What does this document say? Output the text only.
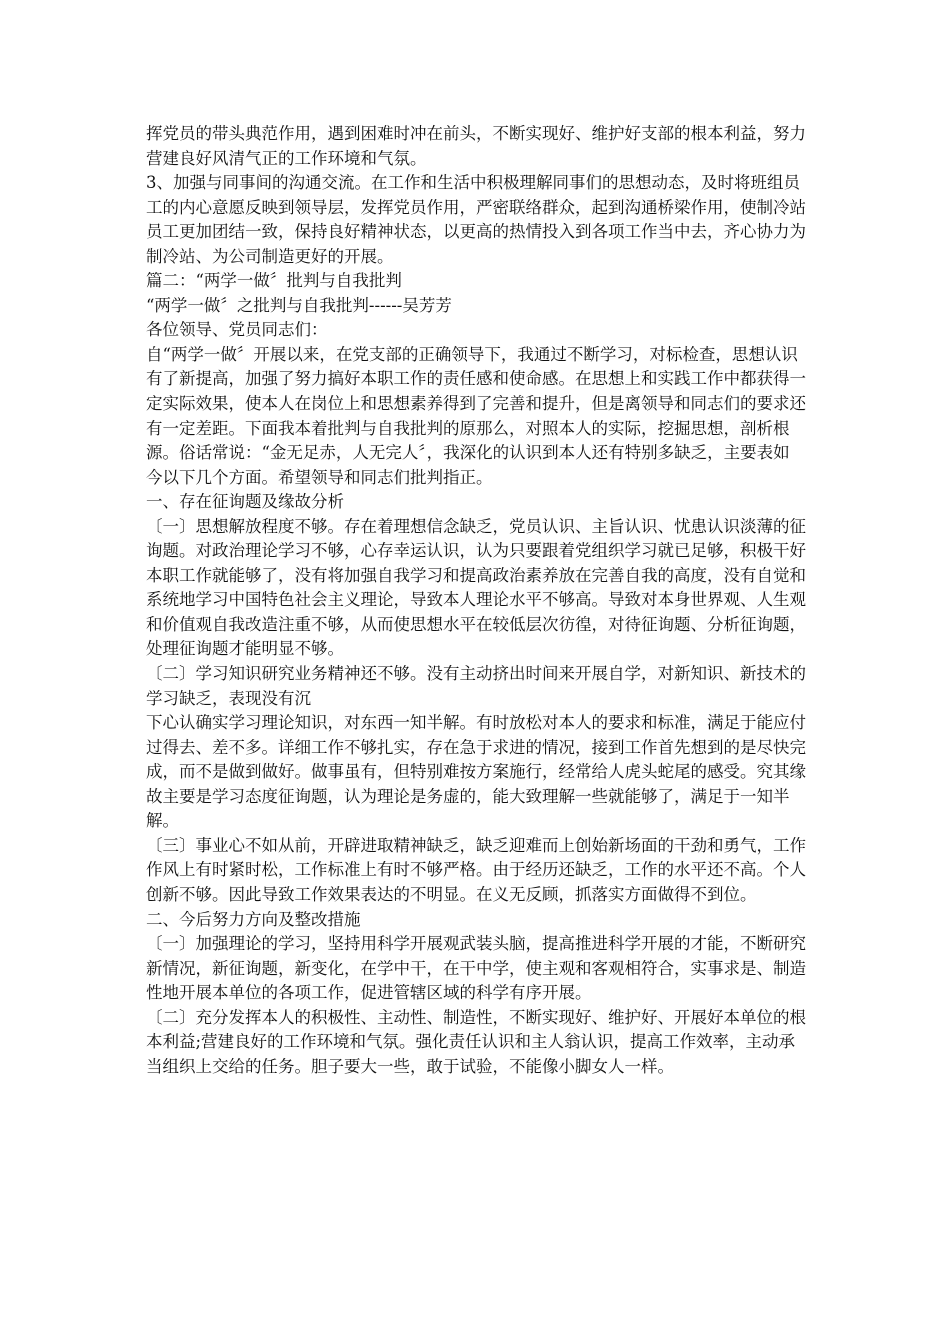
挥党员的带头典范作用，遇到困难时冲在前头，不断实现好、维护好支部的根本利益，努力营建良好风清气正的工作环境和气氛。

3、加强与同事间的沟通交流。在工作和生活中积极理解同事们的思想动态，及时将班组员工的内心意愿反映到领导层，发挥党员作用，严密联络群众，起到沟通桥梁作用，使制冷站员工更加团结一致，保持良好精神状态，以更高的热情投入到各项工作当中去，齐心协力为制冷站、为公司制造更好的开展。

篇二：“两学一做〞批判与自我批判

“两学一做〞之批判与自我批判------吴芳芳

各位领导、党员同志们：

自“两学一做〞开展以来，在党支部的正确领导下，我通过不断学习，对标检查，思想认识有了新提高，加强了努力搞好本职工作的责任感和使命感。在思想上和实践工作中都获得一定实际效果，使本人在岗位上和思想素养得到了完善和提升，但是离领导和同志们的要求还有一定差距。下面我本着批判与自我批判的原那么，对照本人的实际，挖掘思想，剖析根源。俗话常说：“金无足赤，人无完人〞，我深化的认识到本人还有特别多缺乏，主要表如今以下几个方面。希望领导和同志们批判指正。

一、存在征询题及缘故分析

〔一〕思想解放程度不够。存在着理想信念缺乏，党员认识、主旨认识、忧患认识淡薄的征询题。对政治理论学习不够，心存幸运认识，认为只要跟着党组织学习就已足够，积极干好本职工作就能够了，没有将加强自我学习和提高政治素养放在完善自我的高度，没有自觉和系统地学习中国特色社会主义理论，导致本人理论水平不够高。导致对本身世界观、人生观和价值观自我改造注重不够，从而使思想水平在较低层次彷徨，对待征询题、分析征询题，处理征询题才能明显不够。

〔二〕学习知识研究业务精神还不够。没有主动挤出时间来开展自学，对新知识、新技术的学习缺乏，表现没有沉

下心认确实学习理论知识，对东西一知半解。有时放松对本人的要求和标准，满足于能应付过得去、差不多。详细工作不够扎实，存在急于求进的情况，接到工作首先想到的是尽快完成，而不是做到做好。做事虽有，但特别难按方案施行，经常给人虎头蛇尾的感受。究其缘故主要是学习态度征询题，认为理论是务虚的，能大致理解一些就能够了，满足于一知半解。

〔三〕事业心不如从前，开辟进取精神缺乏，缺乏迎难而上创始新场面的干劲和勇气，工作作风上有时紧时松，工作标准上有时不够严格。由于经历还缺乏，工作的水平还不高。个人创新不够。因此导致工作效果表达的不明显。在义无反顾，抓落实方面做得不到位。

二、今后努力方向及整改措施

〔一〕加强理论的学习，坚持用科学开展观武装头脑，提高推进科学开展的才能，不断研究新情况，新征询题，新变化，在学中干，在干中学，使主观和客观相符合，实事求是、制造性地开展本单位的各项工作，促进管辖区域的科学有序开展。

〔二〕充分发挥本人的积极性、主动性、制造性，不断实现好、维护好、开展好本单位的根本利益;营建良好的工作环境和气氛。强化责任认识和主人翁认识，提高工作效率，主动承当组织上交给的任务。胆子要大一些，敢于试验，不能像小脚女人一样。
